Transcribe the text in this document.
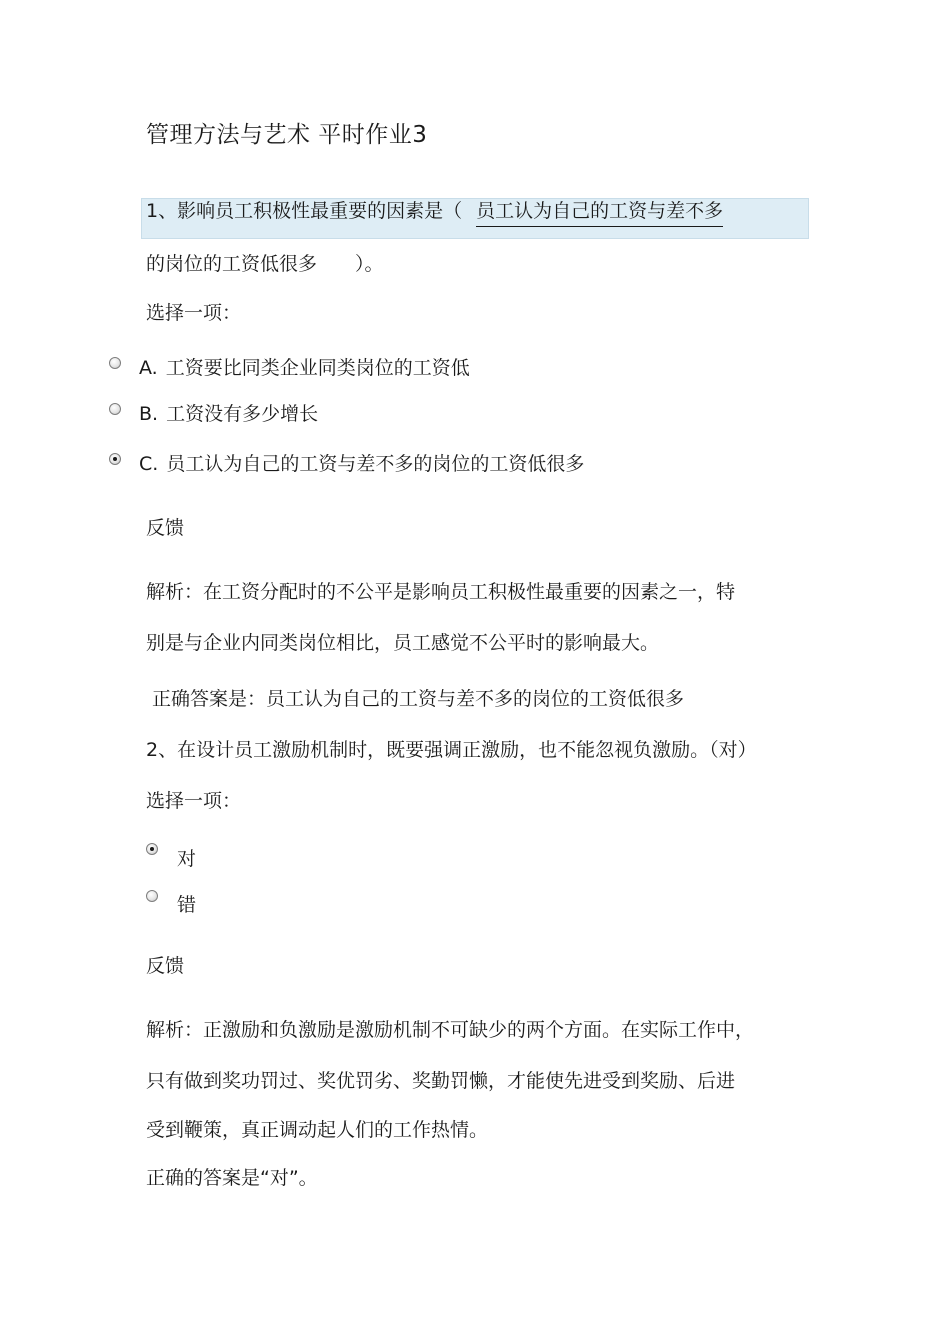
管理方法与艺术 平时作业3
1、影响员工积极性最重要的因素是（ 员工认为自己的工资与差不多
的岗位的工资低很多　　）。
选择一项：
A. 工资要比同类企业同类岗位的工资低
B. 工资没有多少增长
C. 员工认为自己的工资与差不多的岗位的工资低很多
反馈
解析：在工资分配时的不公平是影响员工积极性最重要的因素之一，特
别是与企业内同类岗位相比，员工感觉不公平时的影响最大。
正确答案是：员工认为自己的工资与差不多的岗位的工资低很多
2、在设计员工激励机制时，既要强调正激励，也不能忽视负激励。（对）
选择一项：
对
错
反馈
解析：正激励和负激励是激励机制不可缺少的两个方面。在实际工作中，
只有做到奖功罚过、奖优罚劣、奖勤罚懒，才能使先进受到奖励、后进
受到鞭策，真正调动起人们的工作热情。
正确的答案是“对”。
